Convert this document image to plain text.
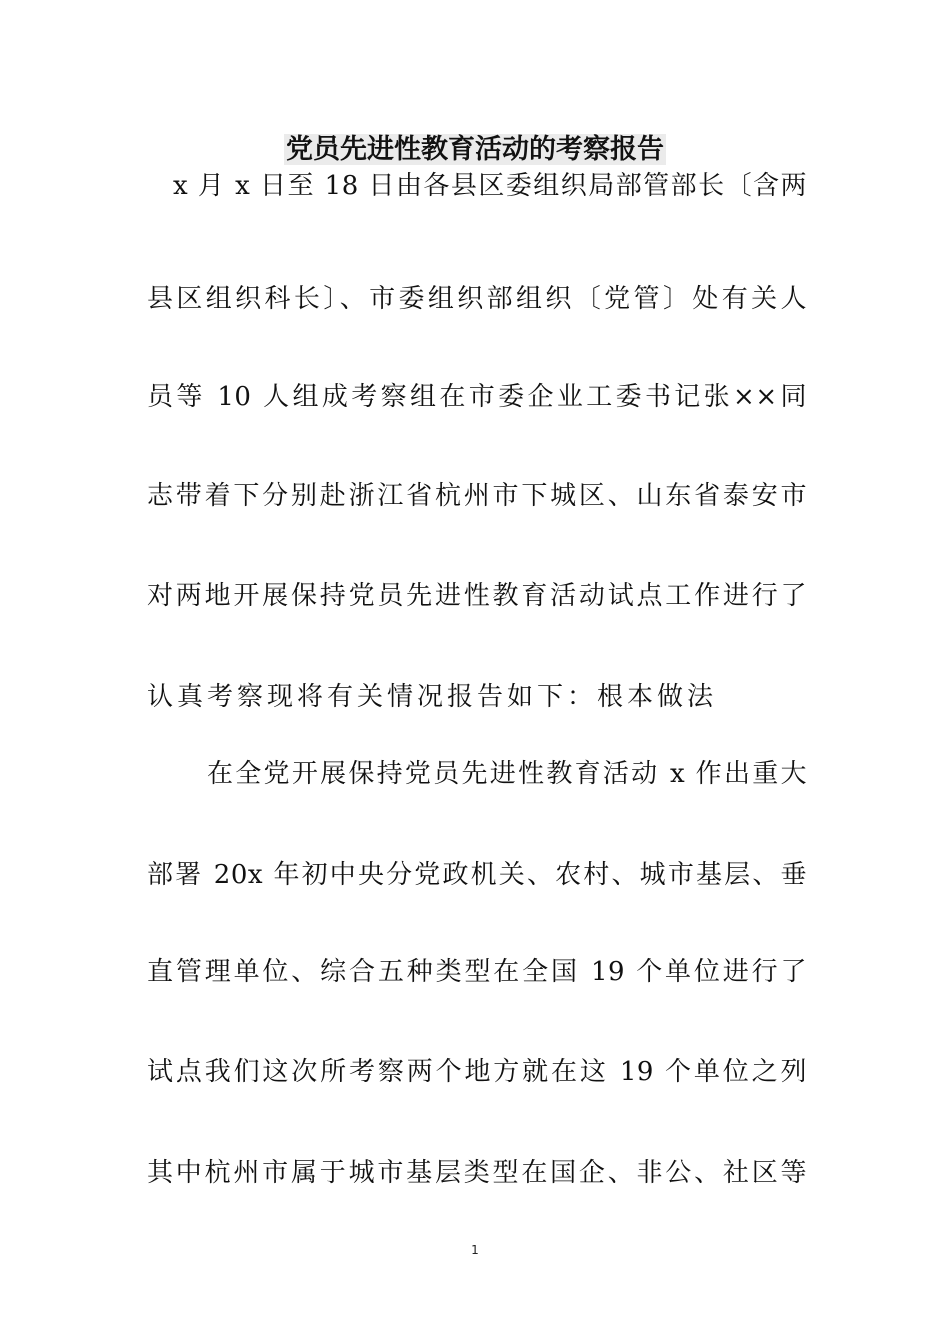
党员先进性教育活动的考察报告
x 月 x 日至 18 日由各县区委组织局部管部长〔含两
县区组织科长〕、市委组织部组织〔党管〕处有关人
员等 10 人组成考察组在市委企业工委书记张××同
志带着下分别赴浙江省杭州市下城区、山东省泰安市
对两地开展保持党员先进性教育活动试点工作进行了
认真考察现将有关情况报告如下：根本做法
在全党开展保持党员先进性教育活动 x 作出重大
部署 20x 年初中央分党政机关、农村、城市基层、垂
直管理单位、综合五种类型在全国 19 个单位进行了
试点我们这次所考察两个地方就在这 19 个单位之列
其中杭州市属于城市基层类型在国企、非公、社区等
1
